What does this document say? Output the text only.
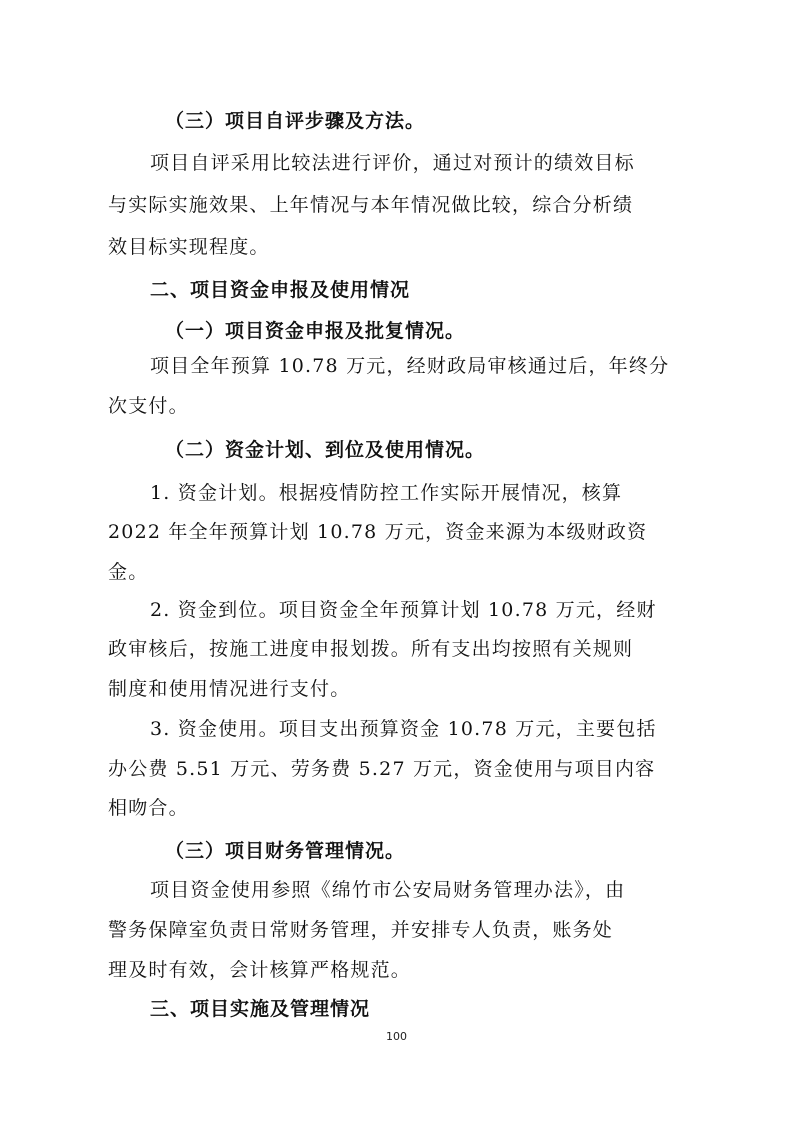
（三）项目自评步骤及方法。
项目自评采用比较法进行评价，通过对预计的绩效目标
与实际实施效果、上年情况与本年情况做比较，综合分析绩
效目标实现程度。
二、项目资金申报及使用情况
（一）项目资金申报及批复情况。
项目全年预算 10.78 万元，经财政局审核通过后，年终分
次支付。
（二）资金计划、到位及使用情况。
1. 资金计划。根据疫情防控工作实际开展情况，核算
2022 年全年预算计划 10.78 万元，资金来源为本级财政资
金。
2. 资金到位。项目资金全年预算计划 10.78 万元，经财
政审核后，按施工进度申报划拨。所有支出均按照有关规则
制度和使用情况进行支付。
3. 资金使用。项目支出预算资金 10.78 万元，主要包括
办公费 5.51 万元、劳务费 5.27 万元，资金使用与项目内容
相吻合。
（三）项目财务管理情况。
项目资金使用参照《绵竹市公安局财务管理办法》，由
警务保障室负责日常财务管理，并安排专人负责，账务处
理及时有效，会计核算严格规范。
三、项目实施及管理情况
100
